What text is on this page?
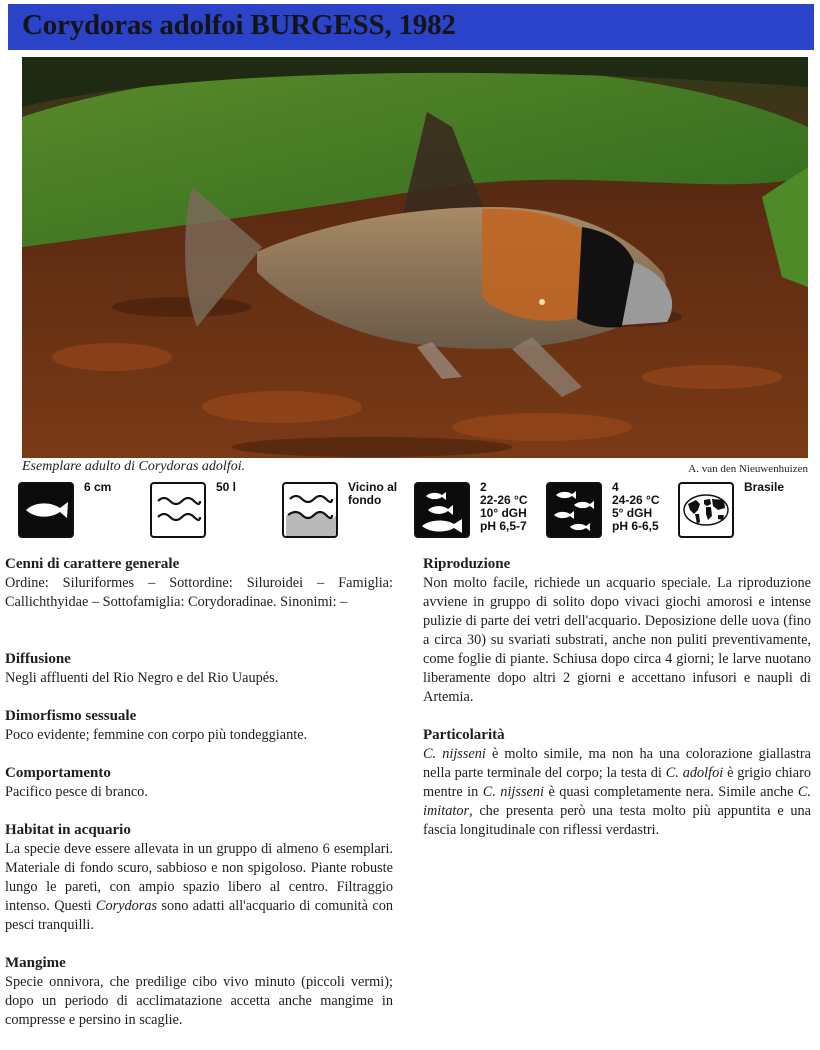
Corydoras adolfoi BURGESS, 1982
Esemplare adulto di Corydoras adolfoi.	A. van den Nieuwenhuizen
6 cm	50 l	Vicino al
fondo
2
22-26 °C
10° dGH
pH 6,5-7
4
24-26 °C
5° dGH
pH 6-6,5
Brasile
Cenni di carattere generale

Ordine: Siluriformes – Sottordine: Siluroidei – Famiglia: Callichthyidae – Sottofamiglia: Corydoradinae. Sinonimi: –

Diffusione

Negli affluenti del Rio Negro e del Rio Uaupés.

Dimorfismo sessuale

Poco evidente; femmine con corpo più tondeggiante.

Comportamento

Pacifico pesce di branco.

Habitat in acquario

La specie deve essere allevata in un gruppo di almeno 6 esemplari. Materiale di fondo scuro, sabbioso e non spigoloso. Piante robuste lungo le pareti, con ampio spazio libero al centro. Filtraggio intenso. Questi Corydoras sono adatti all'acquario di comunità con pesci tranquilli.

Mangime

Specie onnivora, che predilige cibo vivo minuto (piccoli vermi); dopo un periodo di acclimatazione accetta anche mangime in compresse e persino in scaglie.

Riproduzione

Non molto facile, richiede un acquario speciale. La riproduzione avviene in gruppo di solito dopo vivaci giochi amorosi e intense pulizie di parte dei vetri dell'acquario. Deposizione delle uova (fino a circa 30) su svariati substrati, anche non puliti preventivamente, come foglie di piante. Schiusa dopo circa 4 giorni; le larve nuotano liberamente dopo altri 2 giorni e accettano infusori e naupli di Artemia.

Particolarità

C. nijsseni è molto simile, ma non ha una colorazione giallastra nella parte terminale del corpo; la testa di C. adolfoi è grigio chiaro mentre in C. nijsseni è quasi completamente nera. Simile anche C. imitator, che presenta però una testa molto più appuntita e una fascia longitudinale con riflessi verdastri.
